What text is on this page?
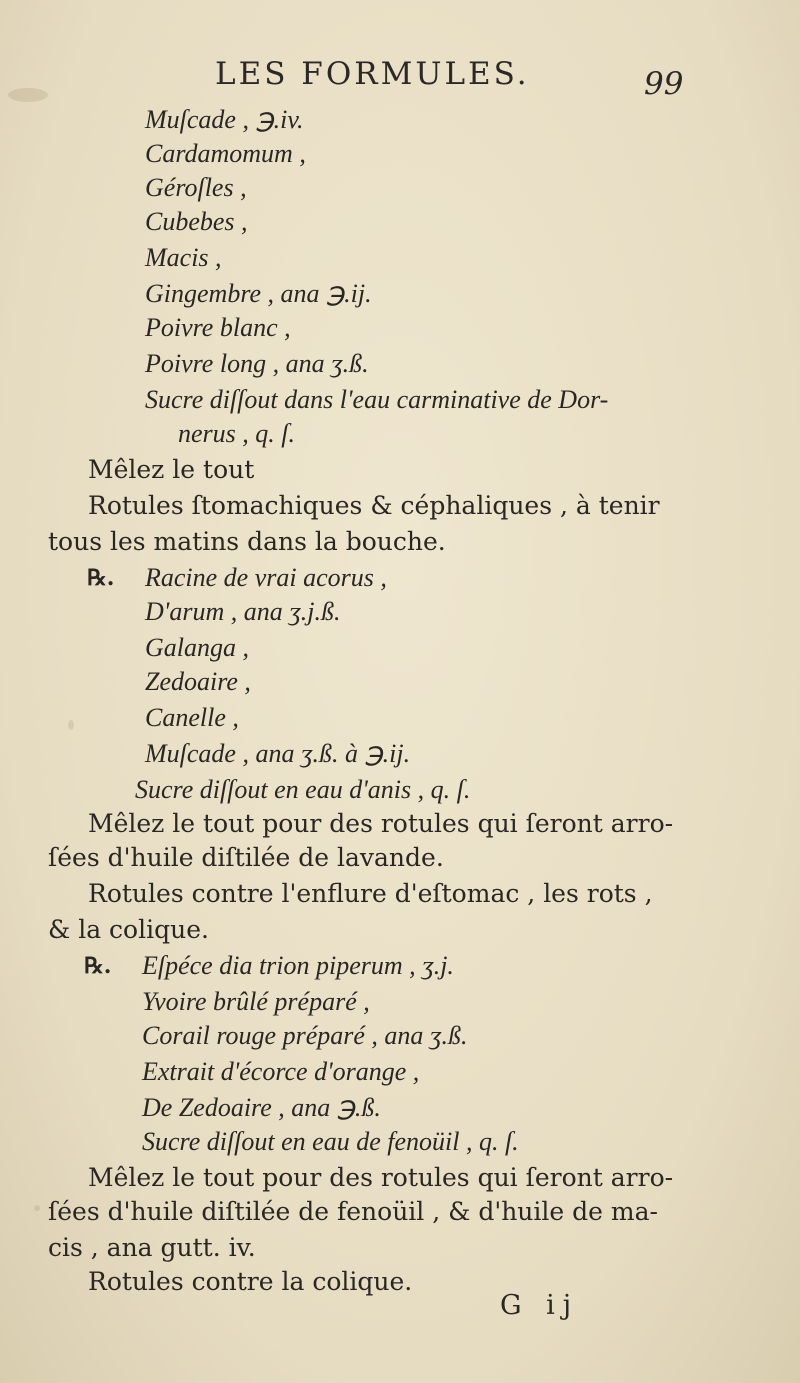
LES FORMULES.	99
Muſcade , ℈.iv.
Cardamomum ,
Géroſles ,
Cubebes ,
Macis ,
Gingembre , ana ℈.ij.
Poivre blanc ,
Poivre long , ana ʒ.ß.
Sucre diſſout dans l'eau carminative de Dor-
nerus , q. ſ.
Mêlez le tout
Rotules ſtomachiques & céphaliques , à tenir
tous les matins dans la bouche.
℞. Racine de vrai acorus ,
D'arum , ana ʒ.j.ß.
Galanga ,
Zedoaire ,
Canelle ,
Muſcade , ana ʒ.ß. à ℈.ij.
Sucre diſſout en eau d'anis , q. ſ.
Mêlez le tout pour des rotules qui ſeront arro-
ſées d'huile diſtilée de lavande.
Rotules contre l'enflure d'eſtomac , les rots ,
& la colique.
℞. Eſpéce dia trion piperum , ʒ.j.
Yvoire brûlé préparé ,
Corail rouge préparé , ana ʒ.ß.
Extrait d'écorce d'orange ,
De Zedoaire , ana ℈.ß.
Sucre diſſout en eau de fenoüil , q. ſ.
Mêlez le tout pour des rotules qui ſeront arro-
ſées d'huile diſtilée de fenoüil , & d'huile de ma-
cis , ana gutt. iv.
Rotules contre la colique.
G ij
